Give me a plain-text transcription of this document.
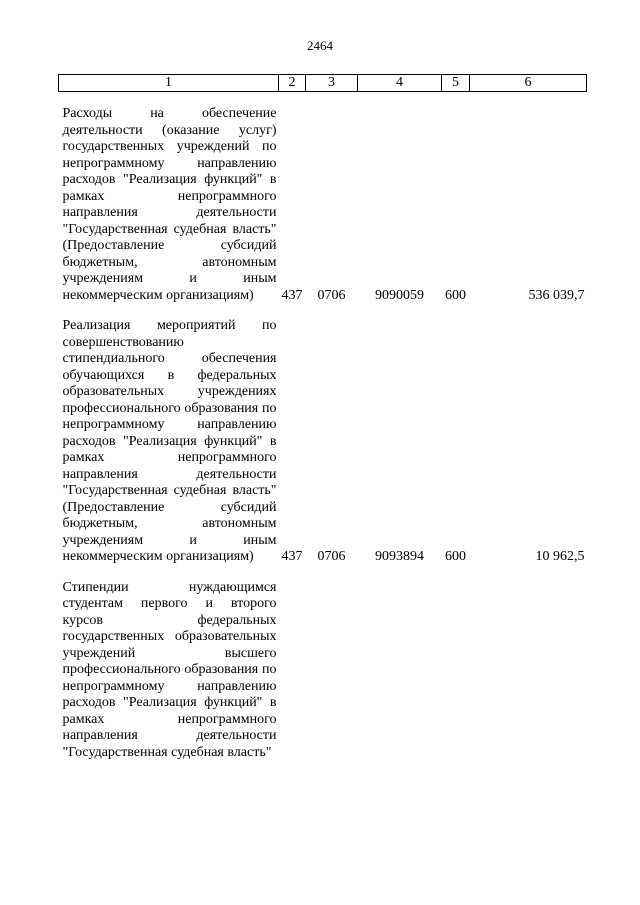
2464
1	2	3	4	5	6
Расходы на обеспечение деятельности (оказание услуг) государственных учреждений по непрограммному направлению расходов "Реализация функций" в рамках непрограммного направления деятельности "Государственная судебная власть" (Предоставление субсидий бюджетным, автономным учреждениям и иным некоммерческим организациям)	437	0706	9090059	600	536 039,7
Реализация мероприятий по совершенствованию стипендиального обеспечения обучающихся в федеральных образовательных учреждениях профессионального образования по непрограммному направлению расходов "Реализация функций" в рамках непрограммного направления деятельности "Государственная судебная власть" (Предоставление субсидий бюджетным, автономным учреждениям и иным некоммерческим организациям)	437	0706	9093894	600	10 962,5
Стипендии нуждающимся студентам первого и второго курсов федеральных государственных образовательных учреждений высшего профессионального образования по непрограммному направлению расходов "Реализация функций" в рамках непрограммного направления деятельности "Государственная судебная власть"					
